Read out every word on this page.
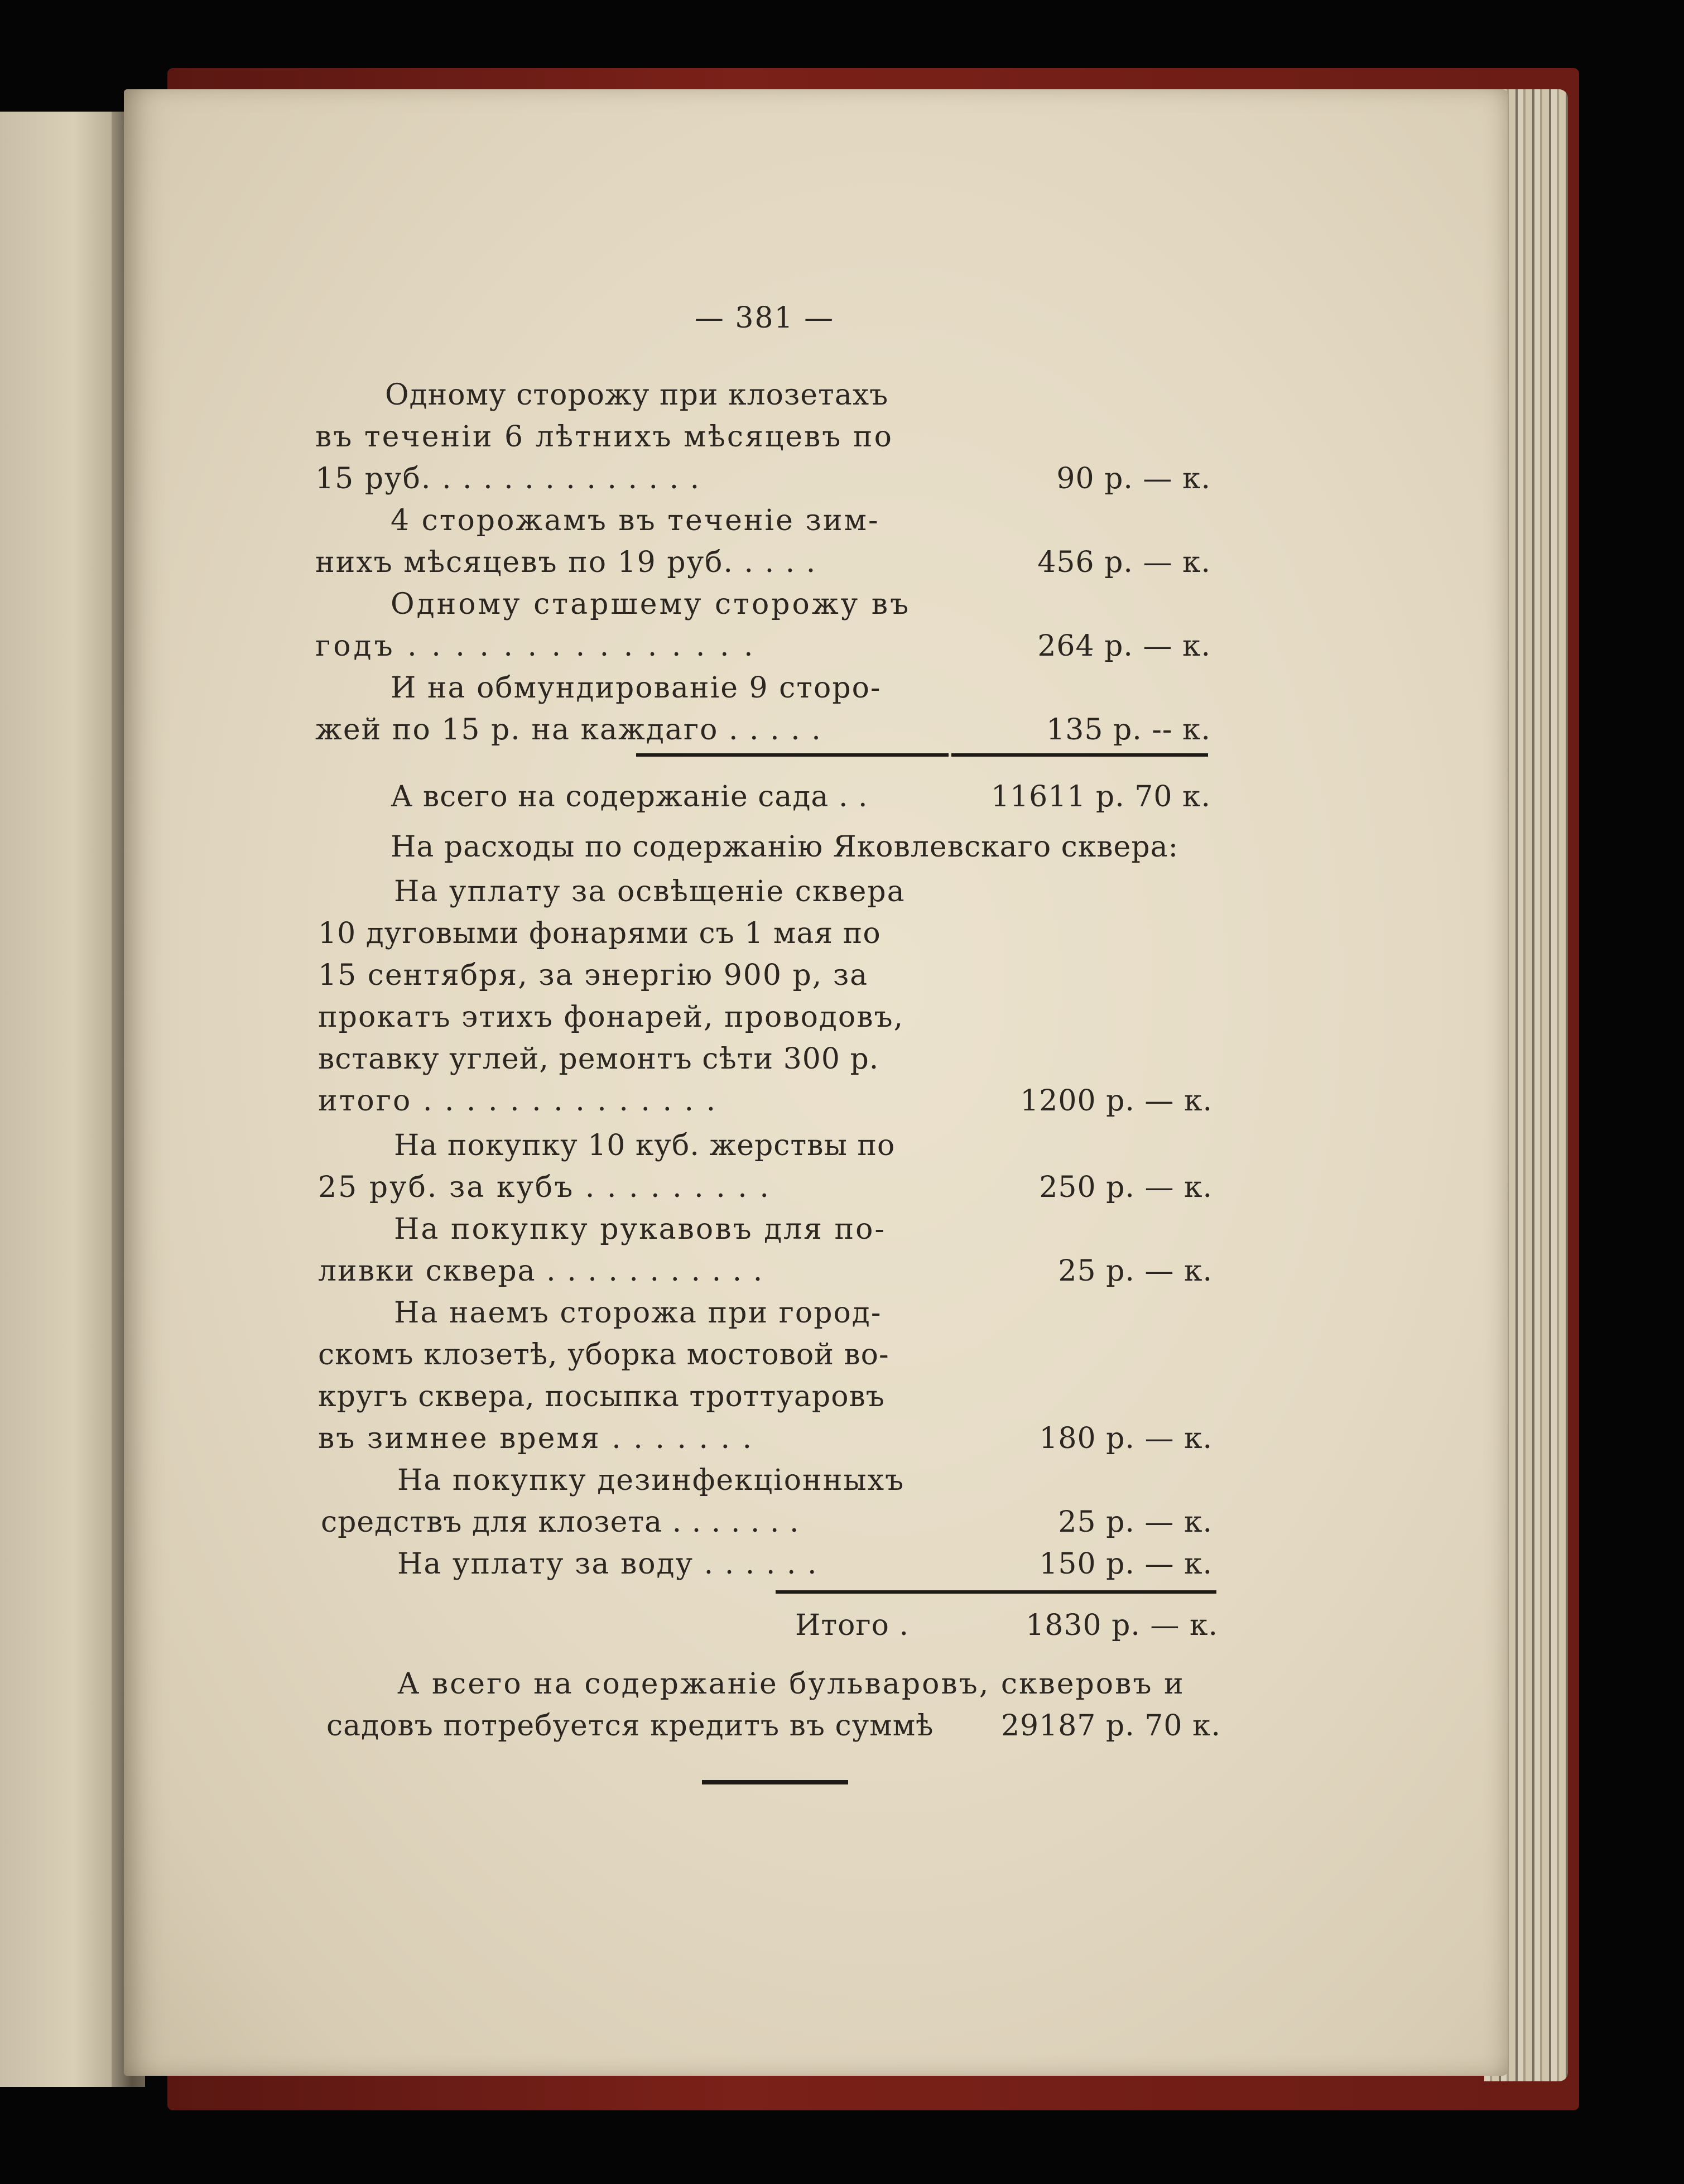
— 381 —
Одному сторожу при клозетахъ
въ теченіи 6 лѣтнихъ мѣсяцевъ по
15 руб. . . . . . . . . . . . . .
4 сторожамъ въ теченіе зим-
нихъ мѣсяцевъ по 19 руб. . . . .
Одному старшему сторожу въ
годъ . . . . . . . . . . . . . . .
И на обмундированіе 9 сторо-
жей по 15 р. на каждаго . . . . .
А всего на содержаніе сада . .
На расходы по содержанію Яковлевскаго сквера:
На уплату за освѣщеніе сквера
10 дуговыми фонарями съ 1 мая по
15 сентября, за энергію 900 р, за
прокатъ этихъ фонарей, проводовъ,
вставку углей, ремонтъ сѣти 300 р.
итого . . . . . . . . . . . . . .
На покупку 10 куб. жерствы по
25 руб. за кубъ . . . . . . . . .
На покупку рукавовъ для по-
ливки сквера . . . . . . . . . . .
На наемъ сторожа при город-
скомъ клозетѣ, уборка мостовой во-
кругъ сквера, посыпка троттуаровъ
въ зимнее время . . . . . . .
На покупку дезинфекціонныхъ
средствъ для клозета . . . . . . .
На уплату за воду . . . . . .
Итого .
А всего на содержаніе бульваровъ, скверовъ и
садовъ потребуется кредитъ въ суммѣ
90 р. — к.
456 р. — к.
264 р. — к.
135 р. -- к.
11611 р. 70 к.
1200 р. — к.
250 р. — к.
25 р. — к.
180 р. — к.
25 р. — к.
150 р. — к.
1830 р. — к.
29187 р. 70 к.
